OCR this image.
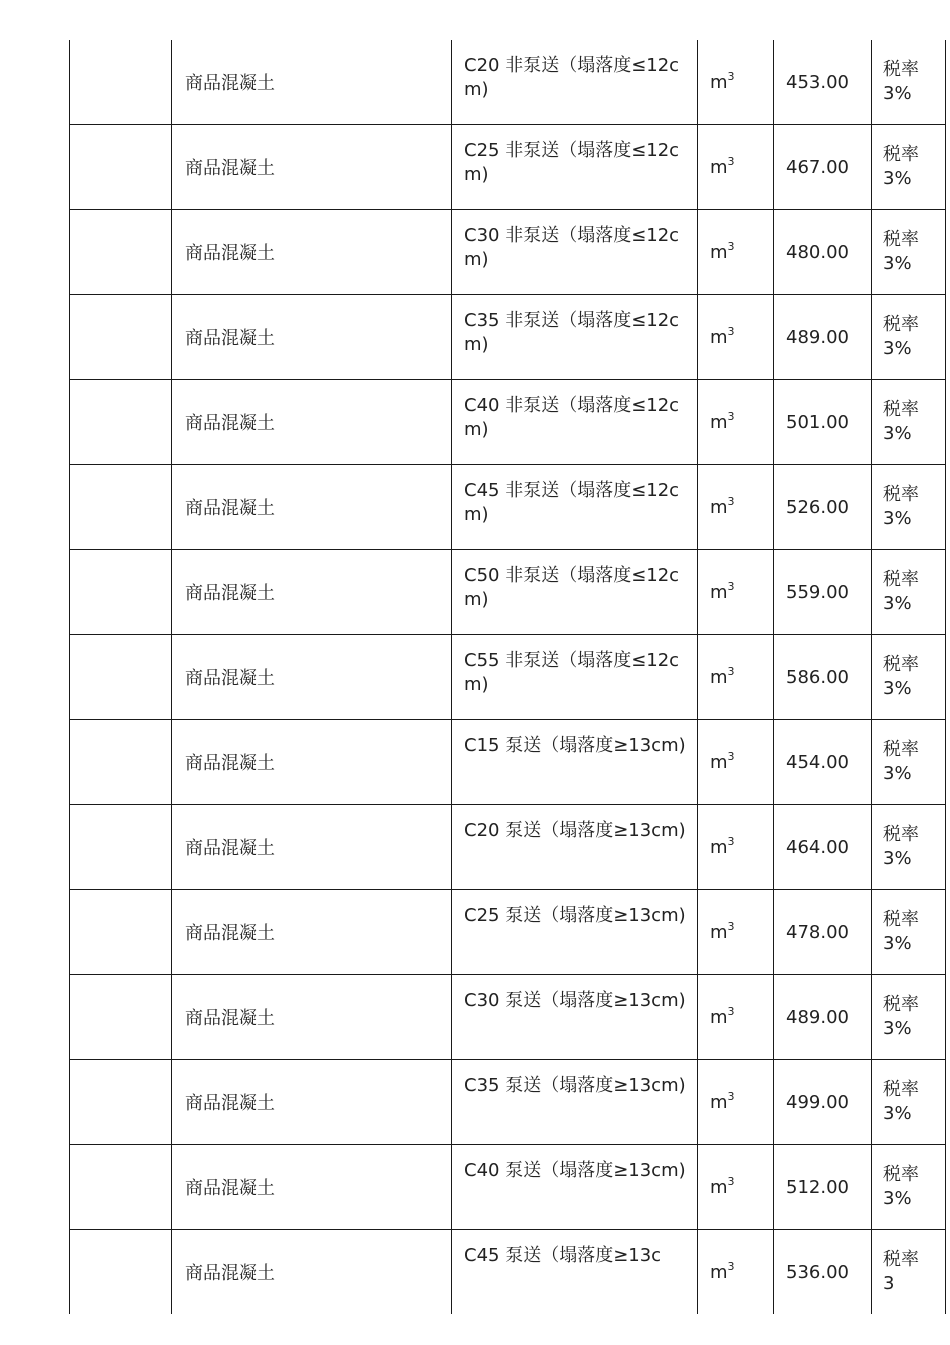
	商品混凝土	C20 非泵送（塌落度≤12cm)	$m^3$	453.00	税率3%

	商品混凝土	C25 非泵送（塌落度≤12cm)	$m^3$	467.00	税率3%

	商品混凝土	C30 非泵送（塌落度≤12cm)	$m^3$	480.00	税率3%

	商品混凝土	C35 非泵送（塌落度≤12cm)	$m^3$	489.00	税率3%

	商品混凝土	C40 非泵送（塌落度≤12cm)	$m^3$	501.00	税率3%

	商品混凝土	C45 非泵送（塌落度≤12cm)	$m^3$	526.00	税率3%

	商品混凝土	C50 非泵送（塌落度≤12cm)	$m^3$	559.00	税率3%

	商品混凝土	C55 非泵送（塌落度≤12cm)	$m^3$	586.00	税率3%

	商品混凝土	C15 泵送（塌落度≥13cm)	$m^3$	454.00	税率3%

	商品混凝土	C20 泵送（塌落度≥13cm)	$m^3$	464.00	税率3%

	商品混凝土	C25 泵送（塌落度≥13cm)	$m^3$	478.00	税率3%

	商品混凝土	C30 泵送（塌落度≥13cm)	$m^3$	489.00	税率3%

	商品混凝土	C35 泵送（塌落度≥13cm)	$m^3$	499.00	税率3%

	商品混凝土	C40 泵送（塌落度≥13cm)	$m^3$	512.00	税率3%

	商品混凝土	C45 泵送（塌落度≥13c	$m^3$	536.00	税率3
